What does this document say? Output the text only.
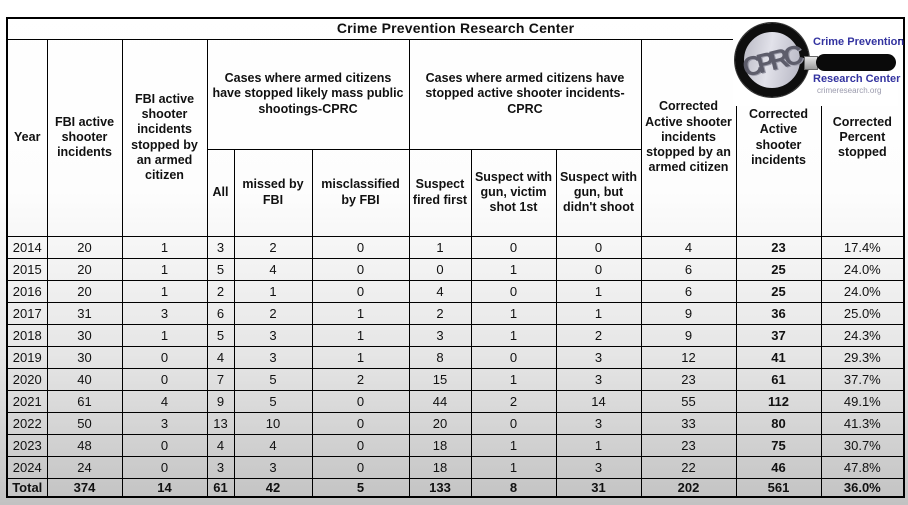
Crime Prevention Research Center											
Year	FBI active shooter incidents	FBI active shooter incidents stopped by an armed citizen	Cases where armed citizens have stopped likely mass public shootings-CPRC			Cases where armed citizens have stopped active shooter incidents-CPRC			Corrected Active shooter incidents stopped by an armed citizen	Corrected Active shooter incidents	Corrected Percent stopped
			All	missed by FBI	misclassified by FBI	Suspect fired first	Suspect with gun, victim shot 1st	Suspect with gun, but didn't shoot			
2014	20	1	3	2	0	1	0	0	4	23	17.4%
2015	20	1	5	4	0	0	1	0	6	25	24.0%
2016	20	1	2	1	0	4	0	1	6	25	24.0%
2017	31	3	6	2	1	2	1	1	9	36	25.0%
2018	30	1	5	3	1	3	1	2	9	37	24.3%
2019	30	0	4	3	1	8	0	3	12	41	29.3%
2020	40	0	7	5	2	15	1	3	23	61	37.7%
2021	61	4	9	5	0	44	2	14	55	112	49.1%
2022	50	3	13	10	0	20	0	3	33	80	41.3%
2023	48	0	4	4	0	18	1	1	23	75	30.7%
2024	24	0	3	3	0	18	1	3	22	46	47.8%
Total	374	14	61	42	5	133	8	31	202	561	36.0%
CPRC Crime Prevention
Research Center
crimeresearch.org
